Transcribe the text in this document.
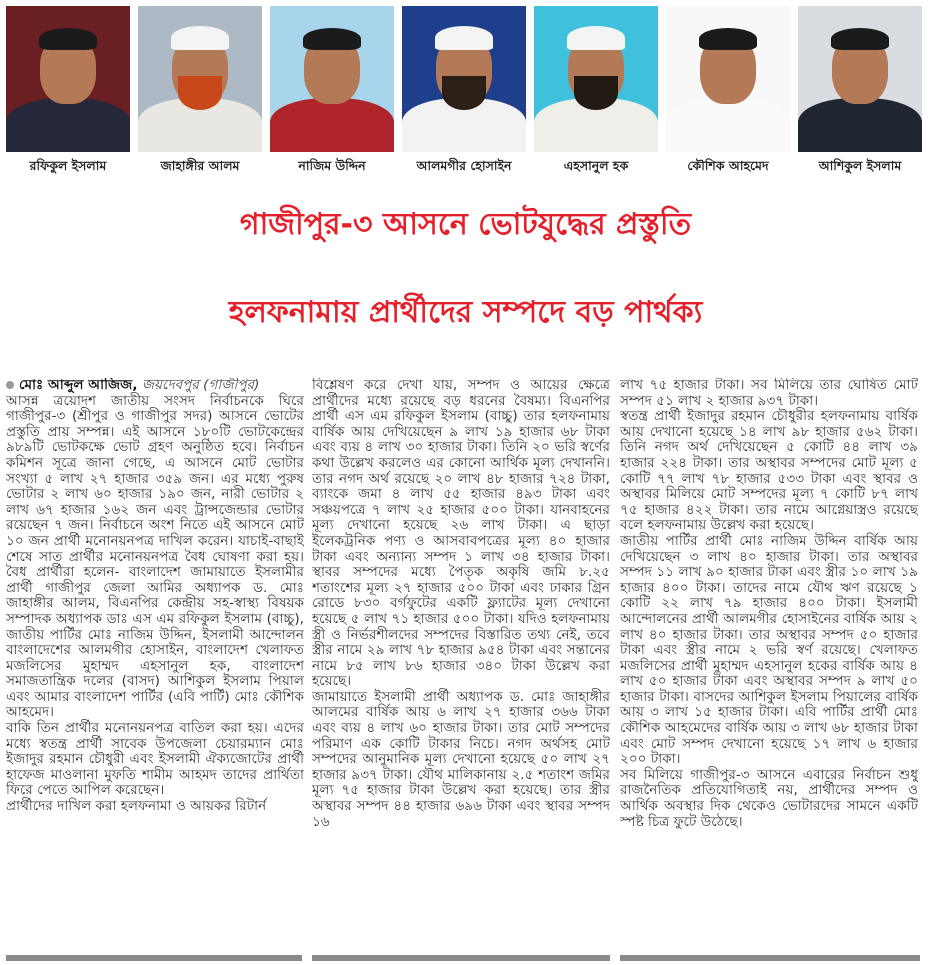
রফিকুল ইসলাম	জাহাঙ্গীর আলম	নাজিম উদ্দিন	আলমগীর হোসাইন	এহসানুল হক	কৌশিক আহমেদ	আশিকুল ইসলাম
গাজীপুর-৩ আসনে ভোটযুদ্ধের প্রস্তুতি
হলফনামায় প্রার্থীদের সম্পদে বড় পার্থক্য

মোঃ আব্দুল আজিজ, জয়দেবপুর (গাজীপুর)

আসন্ন ত্রয়োদশ জাতীয় সংসদ নির্বাচনকে ঘিরে গাজীপুর-৩ (শ্রীপুর ও গাজীপুর সদর) আসনে ভোটের প্রস্তুতি প্রায় সম্পন্ন। এই আসনে ১৮০টি ভোটকেন্দ্রের ৯৮৯টি ভোটকক্ষে ভোট গ্রহণ অনুষ্ঠিত হবে। নির্বাচন কমিশন সূত্রে জানা গেছে, এ আসনে মোট ভোটার সংখ্যা ৫ লাখ ২৭ হাজার ৩৫৯ জন। এর মধ্যে পুরুষ ভোটার ২ লাখ ৬০ হাজার ১৯০ জন, নারী ভোটার ২ লাখ ৬৭ হাজার ১৬২ জন এবং ট্রান্সজেন্ডার ভোটার রয়েছেন ৭ জন। নির্বাচনে অংশ নিতে এই আসনে মোট ১০ জন প্রার্থী মনোনয়নপত্র দাখিল করেন। যাচাই-বাছাই শেষে সাত প্রার্থীর মনোনয়নপত্র বৈধ ঘোষণা করা হয়। বৈধ প্রার্থীরা হলেন- বাংলাদেশ জামায়াতে ইসলামীর প্রার্থী গাজীপুর জেলা আমির অধ্যাপক ড. মোঃ জাহাঙ্গীর আলম, বিএনপির কেন্দ্রীয় সহ-স্বাস্থ্য বিষয়ক সম্পাদক অধ্যাপক ডাঃ এস এম রফিকুল ইসলাম (বাচ্চু), জাতীয় পার্টির মোঃ নাজিম উদ্দিন, ইসলামী আন্দোলন বাংলাদেশের আলমগীর হোসাইন, বাংলাদেশ খেলাফত মজলিসের মুহাম্মদ এহসানুল হক, বাংলাদেশ সমাজতান্ত্রিক দলের (বাসদ) আশিকুল ইসলাম পিয়াল এবং আমার বাংলাদেশ পার্টির (এবি পার্টি) মোঃ কৌশিক আহমেদ।

বাকি তিন প্রার্থীর মনোনয়নপত্র বাতিল করা হয়। এদের মধ্যে স্বতন্ত্র প্রার্থী সাবেক উপজেলা চেয়ারম্যান মোঃ ইজাদুর রহমান চৌধুরী এবং ইসলামী ঐক্যজোটের প্রার্থী হাফেজ মাওলানা মুফতি শামীম আহমদ তাদের প্রার্থিতা ফিরে পেতে আপিল করেছেন।

প্রার্থীদের দাখিল করা হলফনামা ও আয়কর রিটার্ন

বিশ্লেষণ করে দেখা যায়, সম্পদ ও আয়ের ক্ষেত্রে প্রার্থীদের মধ্যে রয়েছে বড় ধরনের বৈষম্য। বিএনপির প্রার্থী এস এম রফিকুল ইসলাম (বাচ্চু) তার হলফনামায় বার্ষিক আয় দেখিয়েছেন ৯ লাখ ১৯ হাজার ৬৮ টাকা এবং ব্যয় ৪ লাখ ৩০ হাজার টাকা। তিনি ২০ ভরি স্বর্ণের কথা উল্লেখ করলেও এর কোনো আর্থিক মূল্য দেখাননি। তার নগদ অর্থ রয়েছে ২০ লাখ ৪৮ হাজার ৭২৪ টাকা, ব্যাংকে জমা ৪ লাখ ৫৫ হাজার ৪৯৩ টাকা এবং সঞ্চয়পত্রে ৭ লাখ ২৫ হাজার ৫০০ টাকা। যানবাহনের মূল্য দেখানো হয়েছে ২৬ লাখ টাকা। এ ছাড়া ইলেকট্রনিক পণ্য ও আসবাবপত্রের মূল্য ৪০ হাজার টাকা এবং অন্যান্য সম্পদ ১ লাখ ৩৪ হাজার টাকা। স্থাবর সম্পদের মধ্যে পৈতৃক অকৃষি জমি ৮.২৫ শতাংশের মূল্য ২৭ হাজার ৫০০ টাকা এবং ঢাকার গ্রিন রোডে ৮৩০ বর্গফুটের একটি ফ্ল্যাটের মূল্য দেখানো হয়েছে ৫ লাখ ৭১ হাজার ৫০০ টাকা। যদিও হলফনামায় স্ত্রী ও নির্ভরশীলদের সম্পদের বিস্তারিত তথ্য নেই, তবে স্ত্রীর নামে ২৯ লাখ ৭৮ হাজার ৯৫৪ টাকা এবং সন্তানের নামে ৮৫ লাখ ৮৬ হাজার ৩৪০ টাকা উল্লেখ করা হয়েছে।

জামায়াতে ইসলামী প্রার্থী অধ্যাপক ড. মোঃ জাহাঙ্গীর আলমের বার্ষিক আয় ৬ লাখ ২৭ হাজার ৩৬৬ টাকা এবং ব্যয় ৪ লাখ ৬০ হাজার টাকা। তার মোট সম্পদের পরিমাণ এক কোটি টাকার নিচে। নগদ অর্থসহ মোট সম্পদের আনুমানিক মূল্য দেখানো হয়েছে ৫০ লাখ ২৭ হাজার ৯৩৭ টাকা। যৌথ মালিকানায় ২.৫ শতাংশ জমির মূল্য ৭৫ হাজার টাকা উল্লেখ করা হয়েছে। তার স্ত্রীর অস্থাবর সম্পদ ৪৪ হাজার ৬৯৬ টাকা এবং স্থাবর সম্পদ ১৬

লাখ ৭৫ হাজার টাকা। সব মিলিয়ে তার ঘোষিত মোট সম্পদ ৫১ লাখ ২ হাজার ৯৩৭ টাকা।

স্বতন্ত্র প্রার্থী ইজাদুর রহমান চৌধুরীর হলফনামায় বার্ষিক আয় দেখানো হয়েছে ১৪ লাখ ৯৮ হাজার ৫৬২ টাকা। তিনি নগদ অর্থ দেখিয়েছেন ৫ কোটি ৪৪ লাখ ৩৯ হাজার ২২৪ টাকা। তার অস্থাবর সম্পদের মোট মূল্য ৫ কোটি ৭৭ লাখ ৭৮ হাজার ৫৩৩ টাকা এবং স্থাবর ও অস্থাবর মিলিয়ে মোট সম্পদের মূল্য ৭ কোটি ৮৭ লাখ ৭৫ হাজার ৪২২ টাকা। তার নামে আগ্নেয়াস্ত্রও রয়েছে বলে হলফনামায় উল্লেখ করা হয়েছে।

জাতীয় পার্টির প্রার্থী মোঃ নাজিম উদ্দিন বার্ষিক আয় দেখিয়েছেন ৩ লাখ ৪০ হাজার টাকা। তার অস্থাবর সম্পদ ১১ লাখ ৯০ হাজার টাকা এবং স্ত্রীর ১০ লাখ ১৯ হাজার ৪০০ টাকা। তাদের নামে যৌথ ঋণ রয়েছে ১ কোটি ২২ লাখ ৭৯ হাজার ৪০০ টাকা। ইসলামী আন্দোলনের প্রার্থী আলমগীর হোসাইনের বার্ষিক আয় ২ লাখ ৪০ হাজার টাকা। তার অস্থাবর সম্পদ ৫০ হাজার টাকা এবং স্ত্রীর নামে ২ ভরি স্বর্ণ রয়েছে। খেলাফত মজলিসের প্রার্থী মুহাম্মদ এহসানুল হকের বার্ষিক আয় ৪ লাখ ৫০ হাজার টাকা এবং অস্থাবর সম্পদ ৯ লাখ ৫০ হাজার টাকা। বাসদের আশিকুল ইসলাম পিয়ালের বার্ষিক আয় ৩ লাখ ১৫ হাজার টাকা। এবি পার্টির প্রার্থী মোঃ কৌশিক আহমেদের বার্ষিক আয় ৩ লাখ ৬৮ হাজার টাকা এবং মোট সম্পদ দেখানো হয়েছে ১৭ লাখ ৬ হাজার ২০০ টাকা।

সব মিলিয়ে গাজীপুর-৩ আসনে এবারের নির্বাচন শুধু রাজনৈতিক প্রতিযোগিতাই নয়, প্রার্থীদের সম্পদ ও আর্থিক অবস্থার দিক থেকেও ভোটারদের সামনে একটি স্পষ্ট চিত্র ফুটে উঠেছে।
